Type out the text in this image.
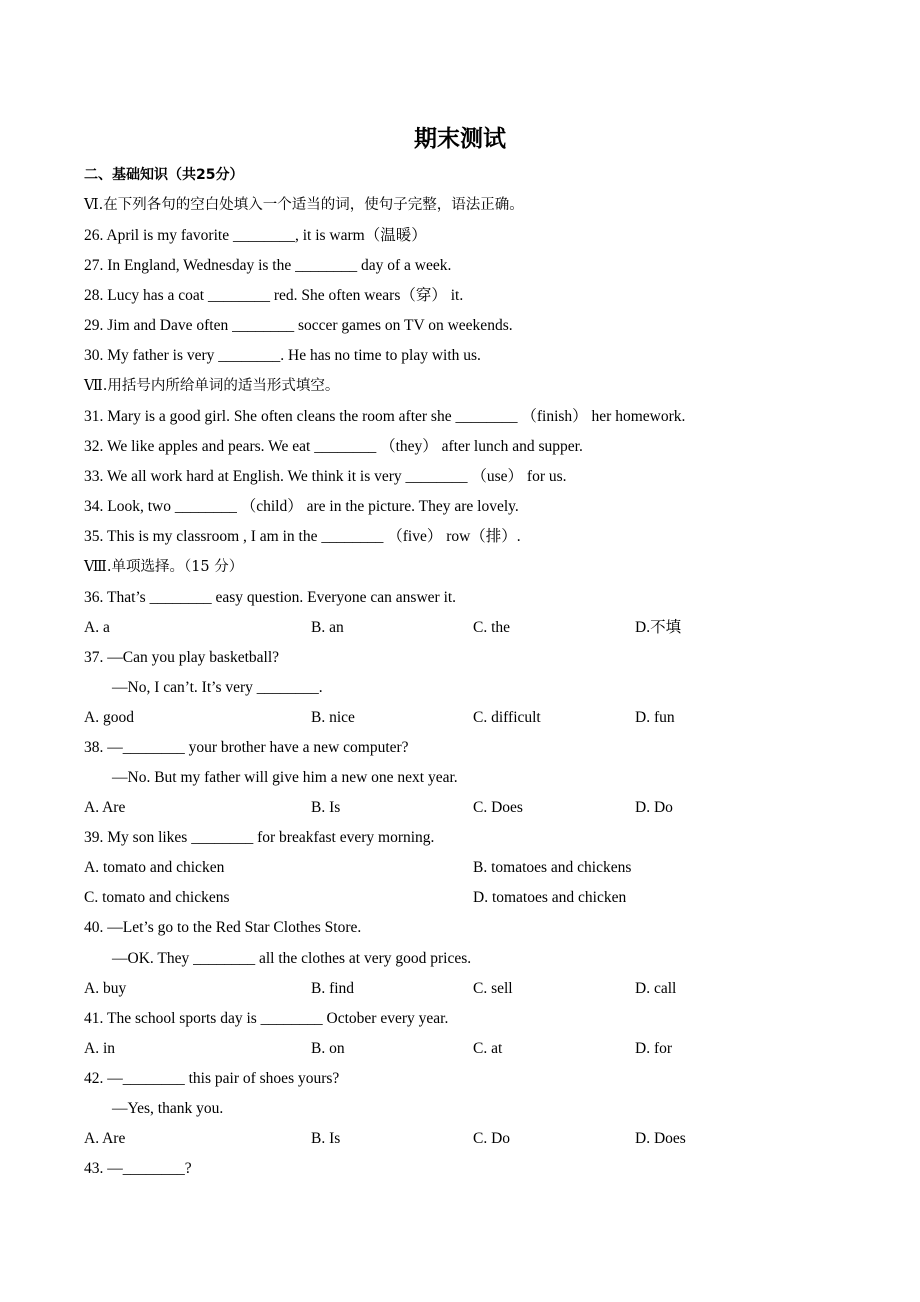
期末测试
二、基础知识（共25分）
Ⅵ.在下列各句的空白处填入一个适当的词，使句子完整，语法正确。
26. April is my favorite ________, it is warm（温暖）
27. In England, Wednesday is the ________ day of a week.
28. Lucy has a coat ________ red. She often wears（穿） it.
29. Jim and Dave often ________ soccer games on TV on weekends.
30. My father is very ________. He has no time to play with us.
Ⅶ.用括号内所给单词的适当形式填空。
31. Mary is a good girl. She often cleans the room after she ________ （finish） her homework.
32. We like apples and pears. We eat ________ （they） after lunch and supper.
33. We all work hard at English. We think it is very ________ （use） for us.
34. Look, two ________ （child） are in the picture. They are lovely.
35. This is my classroom , I am in the ________ （five） row（排）.
Ⅷ.单项选择。（15 分）
36. That’s ________ easy question. Everyone can answer it.
A. a	B. an	C. the	D.不填
37. —Can you play basketball?
—No, I can’t. It’s very ________.
A. good	B. nice	C. difficult	D. fun
38. —________ your brother have a new computer?
—No. But my father will give him a new one next year.
A. Are	B. Is	C. Does	D. Do
39. My son likes ________ for breakfast every morning.
A. tomato and chicken	B. tomatoes and chickens
C. tomato and chickens	D. tomatoes and chicken
40. —Let’s go to the Red Star Clothes Store.
—OK. They ________ all the clothes at very good prices.
A. buy	B. find	C. sell	D. call
41. The school sports day is ________ October every year.
A. in	B. on	C. at	D. for
42. —________ this pair of shoes yours?
—Yes, thank you.
A. Are	B. Is	C. Do	D. Does
43. —________?
